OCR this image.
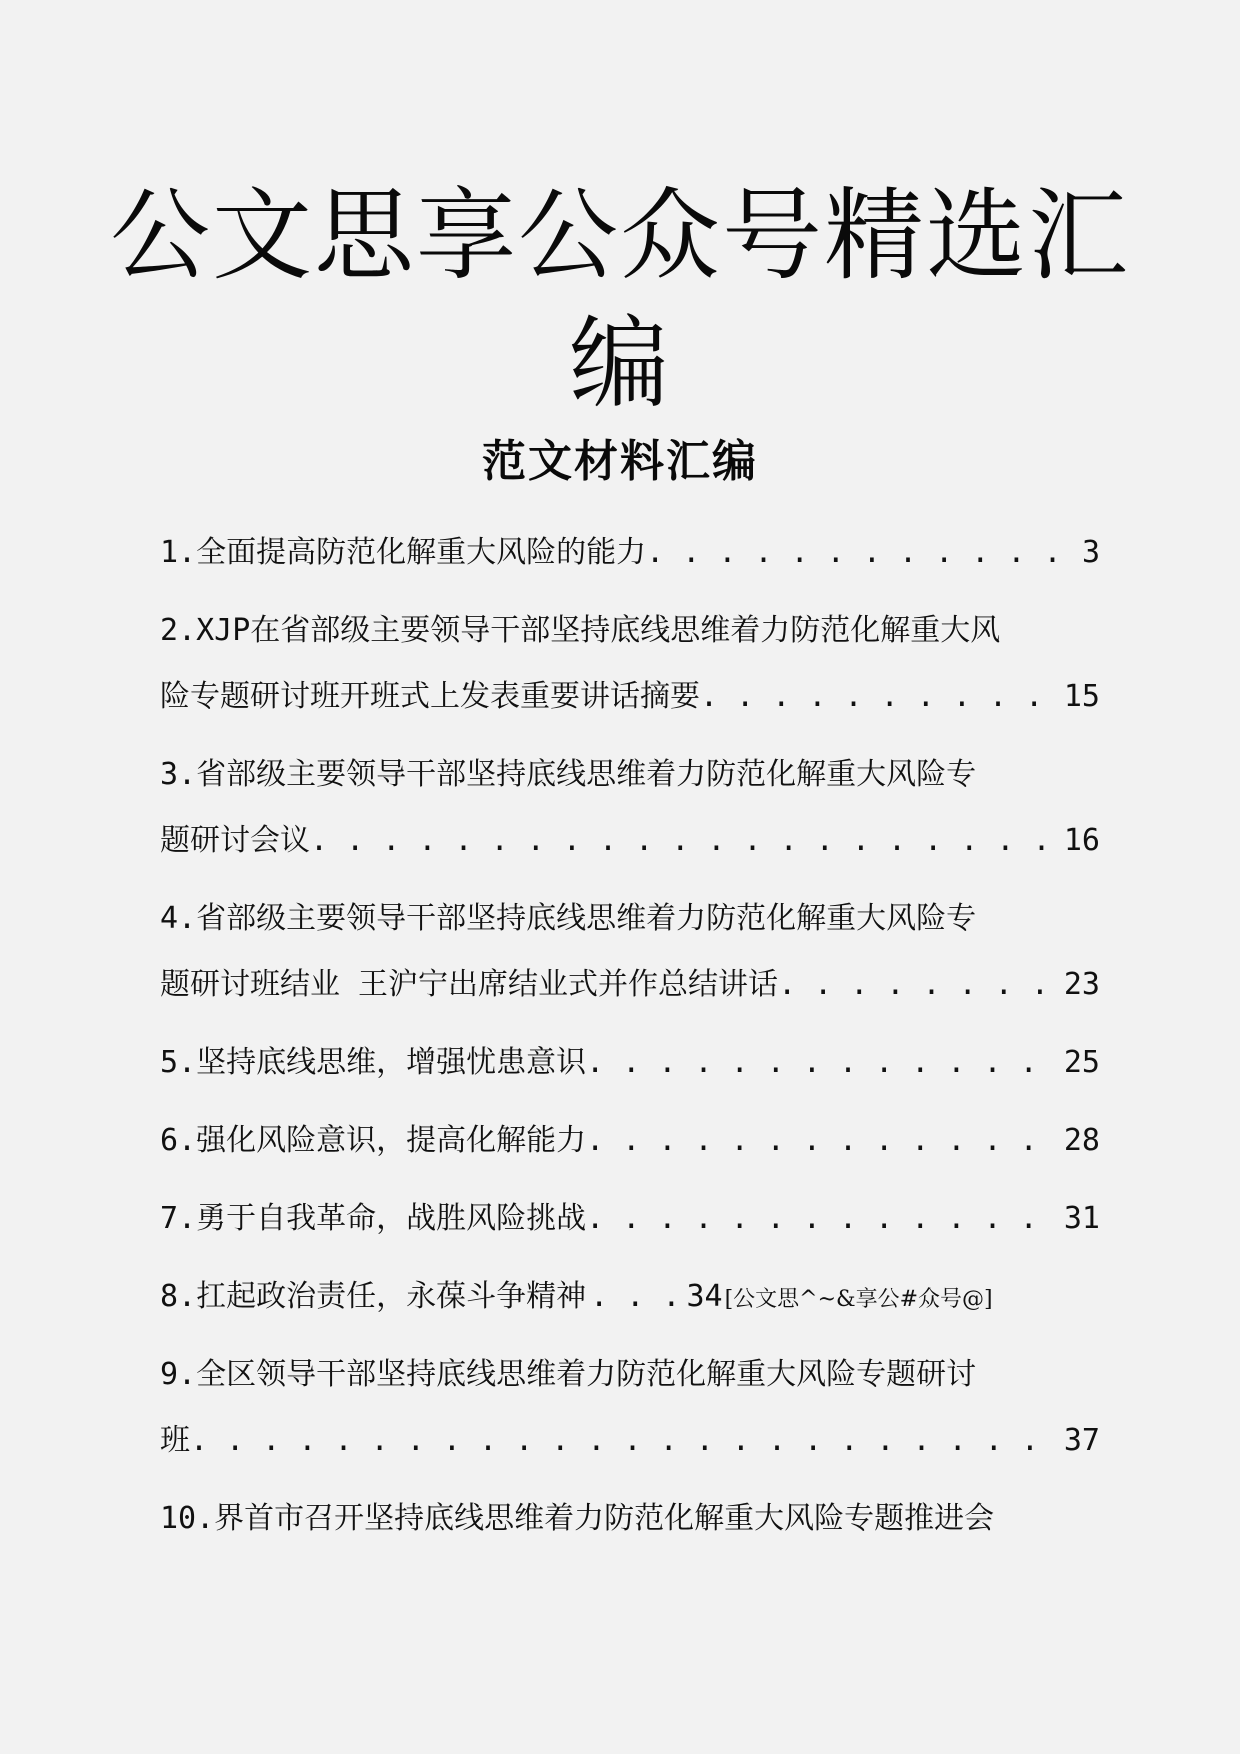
公文思享公众号精选汇
编
范文材料汇编
1.全面提高防范化解重大风险的能力 . . .	3
2.XJP在省部级主要领导干部坚持底线思维着力防范化解重大风
险专题研讨班开班式上发表重要讲话摘要 . . .	15
3.省部级主要领导干部坚持底线思维着力防范化解重大风险专
题研讨会议 . . .	16
4.省部级主要领导干部坚持底线思维着力防范化解重大风险专
题研讨班结业 王沪宁出席结业式并作总结讲话 . . .	23
5.坚持底线思维，增强忧患意识 . . .	25
6.强化风险意识，提高化解能力 . . .	28
7.勇于自我革命，战胜风险挑战 . . .	31
8.扛起政治责任，永葆斗争精神 . . . 34 [公文思^~&享公#众号@]
9.全区领导干部坚持底线思维着力防范化解重大风险专题研讨
班 . . .	37
10.界首市召开坚持底线思维着力防范化解重大风险专题推进会
